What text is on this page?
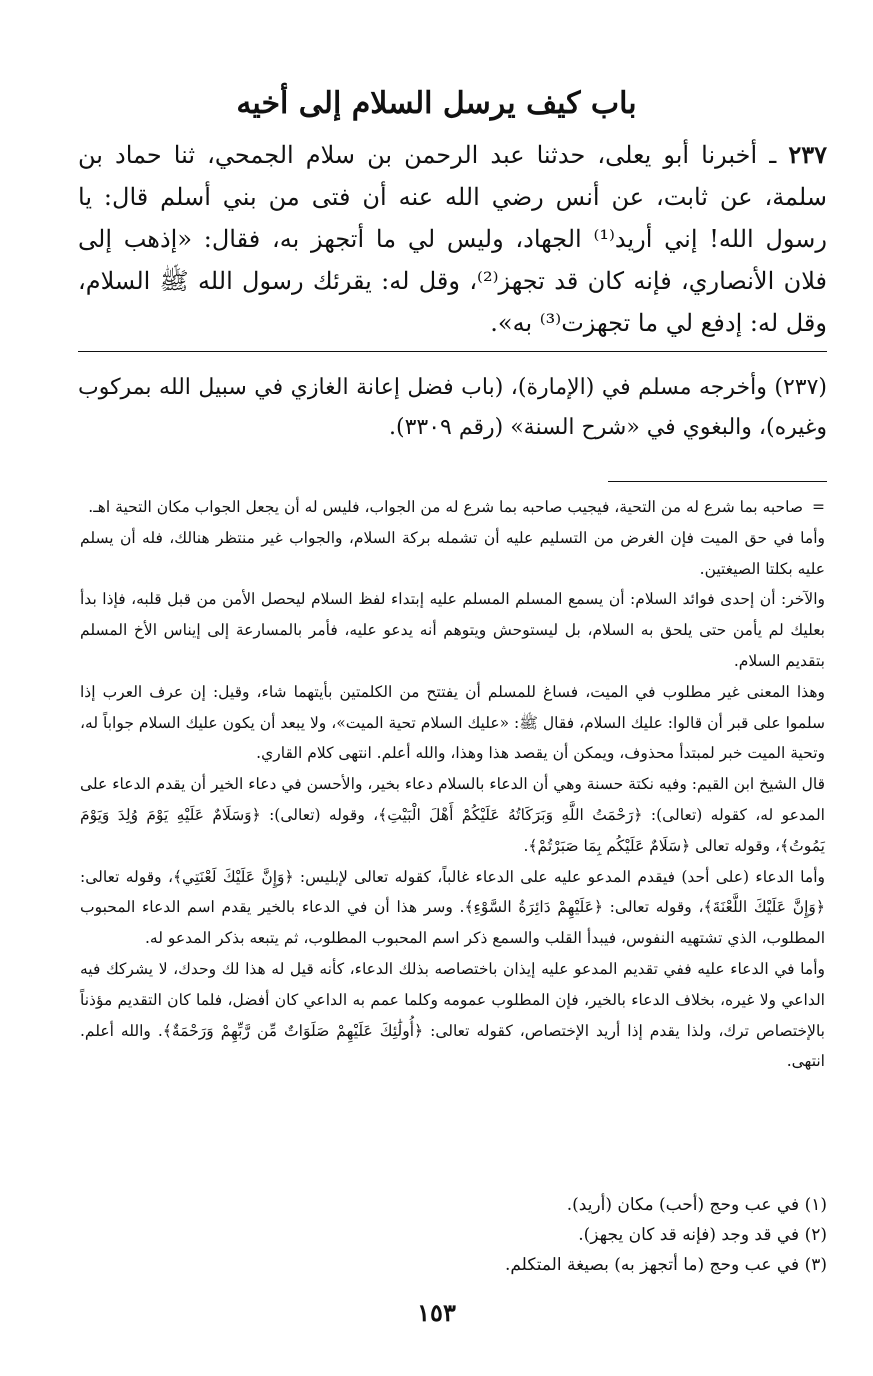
باب كيف يرسل السلام إلى أخيه
٢٣٧ ـ أخبرنا أبو يعلى، حدثنا عبد الرحمن بن سلام الجمحي، ثنا حماد بن سلمة، عن ثابت، عن أنس رضي الله عنه أن فتى من بني أسلم قال: يا رسول الله! إني أريد⁽¹⁾ الجهاد، وليس لي ما أتجهز به، فقال: «إذهب إلى فلان الأنصاري، فإنه كان قد تجهز⁽²⁾، وقل له: يقرئك رسول الله ﷺ السلام، وقل له: إدفع لي ما تجهزت⁽³⁾ به».
(٢٣٧) وأخرجه مسلم في (الإمارة)، (باب فضل إعانة الغازي في سبيل الله بمركوب وغيره)، والبغوي في «شرح السنة» (رقم ٣٣٠٩).

=
صاحبه بما شرع له من التحية، فيجيب صاحبه بما شرع له من الجواب، فليس له أن يجعل الجواب مكان التحية اهـ.

وأما في حق الميت فإن الغرض من التسليم عليه أن تشمله بركة السلام، والجواب غير منتظر هنالك، فله أن يسلم عليه بكلتا الصيغتين.

والآخر: أن إحدى فوائد السلام: أن يسمع المسلم المسلم عليه إبتداء لفظ السلام ليحصل الأمن من قبل قلبه، فإذا بدأ بعليك لم يأمن حتى يلحق به السلام، بل ليستوحش ويتوهم أنه يدعو عليه، فأمر بالمسارعة إلى إيناس الأخ المسلم بتقديم السلام.

وهذا المعنى غير مطلوب في الميت، فساغ للمسلم أن يفتتح من الكلمتين بأيتهما شاء، وقيل: إن عرف العرب إذا سلموا على قبر أن قالوا: عليك السلام، فقال ﷺ: «عليك السلام تحية الميت»، ولا يبعد أن يكون عليك السلام جواباً له، وتحية الميت خبر لمبتدأ محذوف، ويمكن أن يقصد هذا وهذا، والله أعلم. انتهى كلام القاري.

قال الشيخ ابن القيم: وفيه نكتة حسنة وهي أن الدعاء بالسلام دعاء بخير، والأحسن في دعاء الخير أن يقدم الدعاء على المدعو له، كقوله (تعالى): ﴿رَحْمَتُ اللَّهِ وَبَرَكَاتُهُ عَلَيْكُمْ أَهْلَ الْبَيْتِ﴾، وقوله (تعالى): ﴿وَسَلَامٌ عَلَيْهِ يَوْمَ وُلِدَ وَيَوْمَ يَمُوتُ﴾، وقوله تعالى ﴿سَلَامٌ عَلَيْكُم بِمَا صَبَرْتُمْ﴾.

وأما الدعاء (على أحد) فيقدم المدعو عليه على الدعاء غالباً، كقوله تعالى لإبليس: ﴿وَإِنَّ عَلَيْكَ لَعْنَتِي﴾، وقوله تعالى: ﴿وَإِنَّ عَلَيْكَ اللَّعْنَةَ﴾، وقوله تعالى: ﴿عَلَيْهِمْ دَائِرَةُ السَّوْءِ﴾. وسر هذا أن في الدعاء بالخير يقدم اسم الدعاء المحبوب المطلوب، الذي تشتهيه النفوس، فيبدأ القلب والسمع ذكر اسم المحبوب المطلوب، ثم يتبعه بذكر المدعو له.

وأما في الدعاء عليه ففي تقديم المدعو عليه إيذان باختصاصه بذلك الدعاء، كأنه قيل له هذا لك وحدك، لا يشركك فيه الداعي ولا غيره، بخلاف الدعاء بالخير، فإن المطلوب عمومه وكلما عمم به الداعي كان أفضل، فلما كان التقديم مؤذناً بالإختصاص ترك، ولذا يقدم إذا أريد الإختصاص، كقوله تعالى: ﴿أُولَٰئِكَ عَلَيْهِمْ صَلَوَاتٌ مِّن رَّبِّهِمْ وَرَحْمَةٌ﴾. والله أعلم. انتهى.

(١) في عب وحج (أحب) مكان (أريد).

(٢) في قد وجد (فإنه قد كان يجهز).

(٣) في عب وحج (ما أتجهز به) بصيغة المتكلم.

١٥٣
